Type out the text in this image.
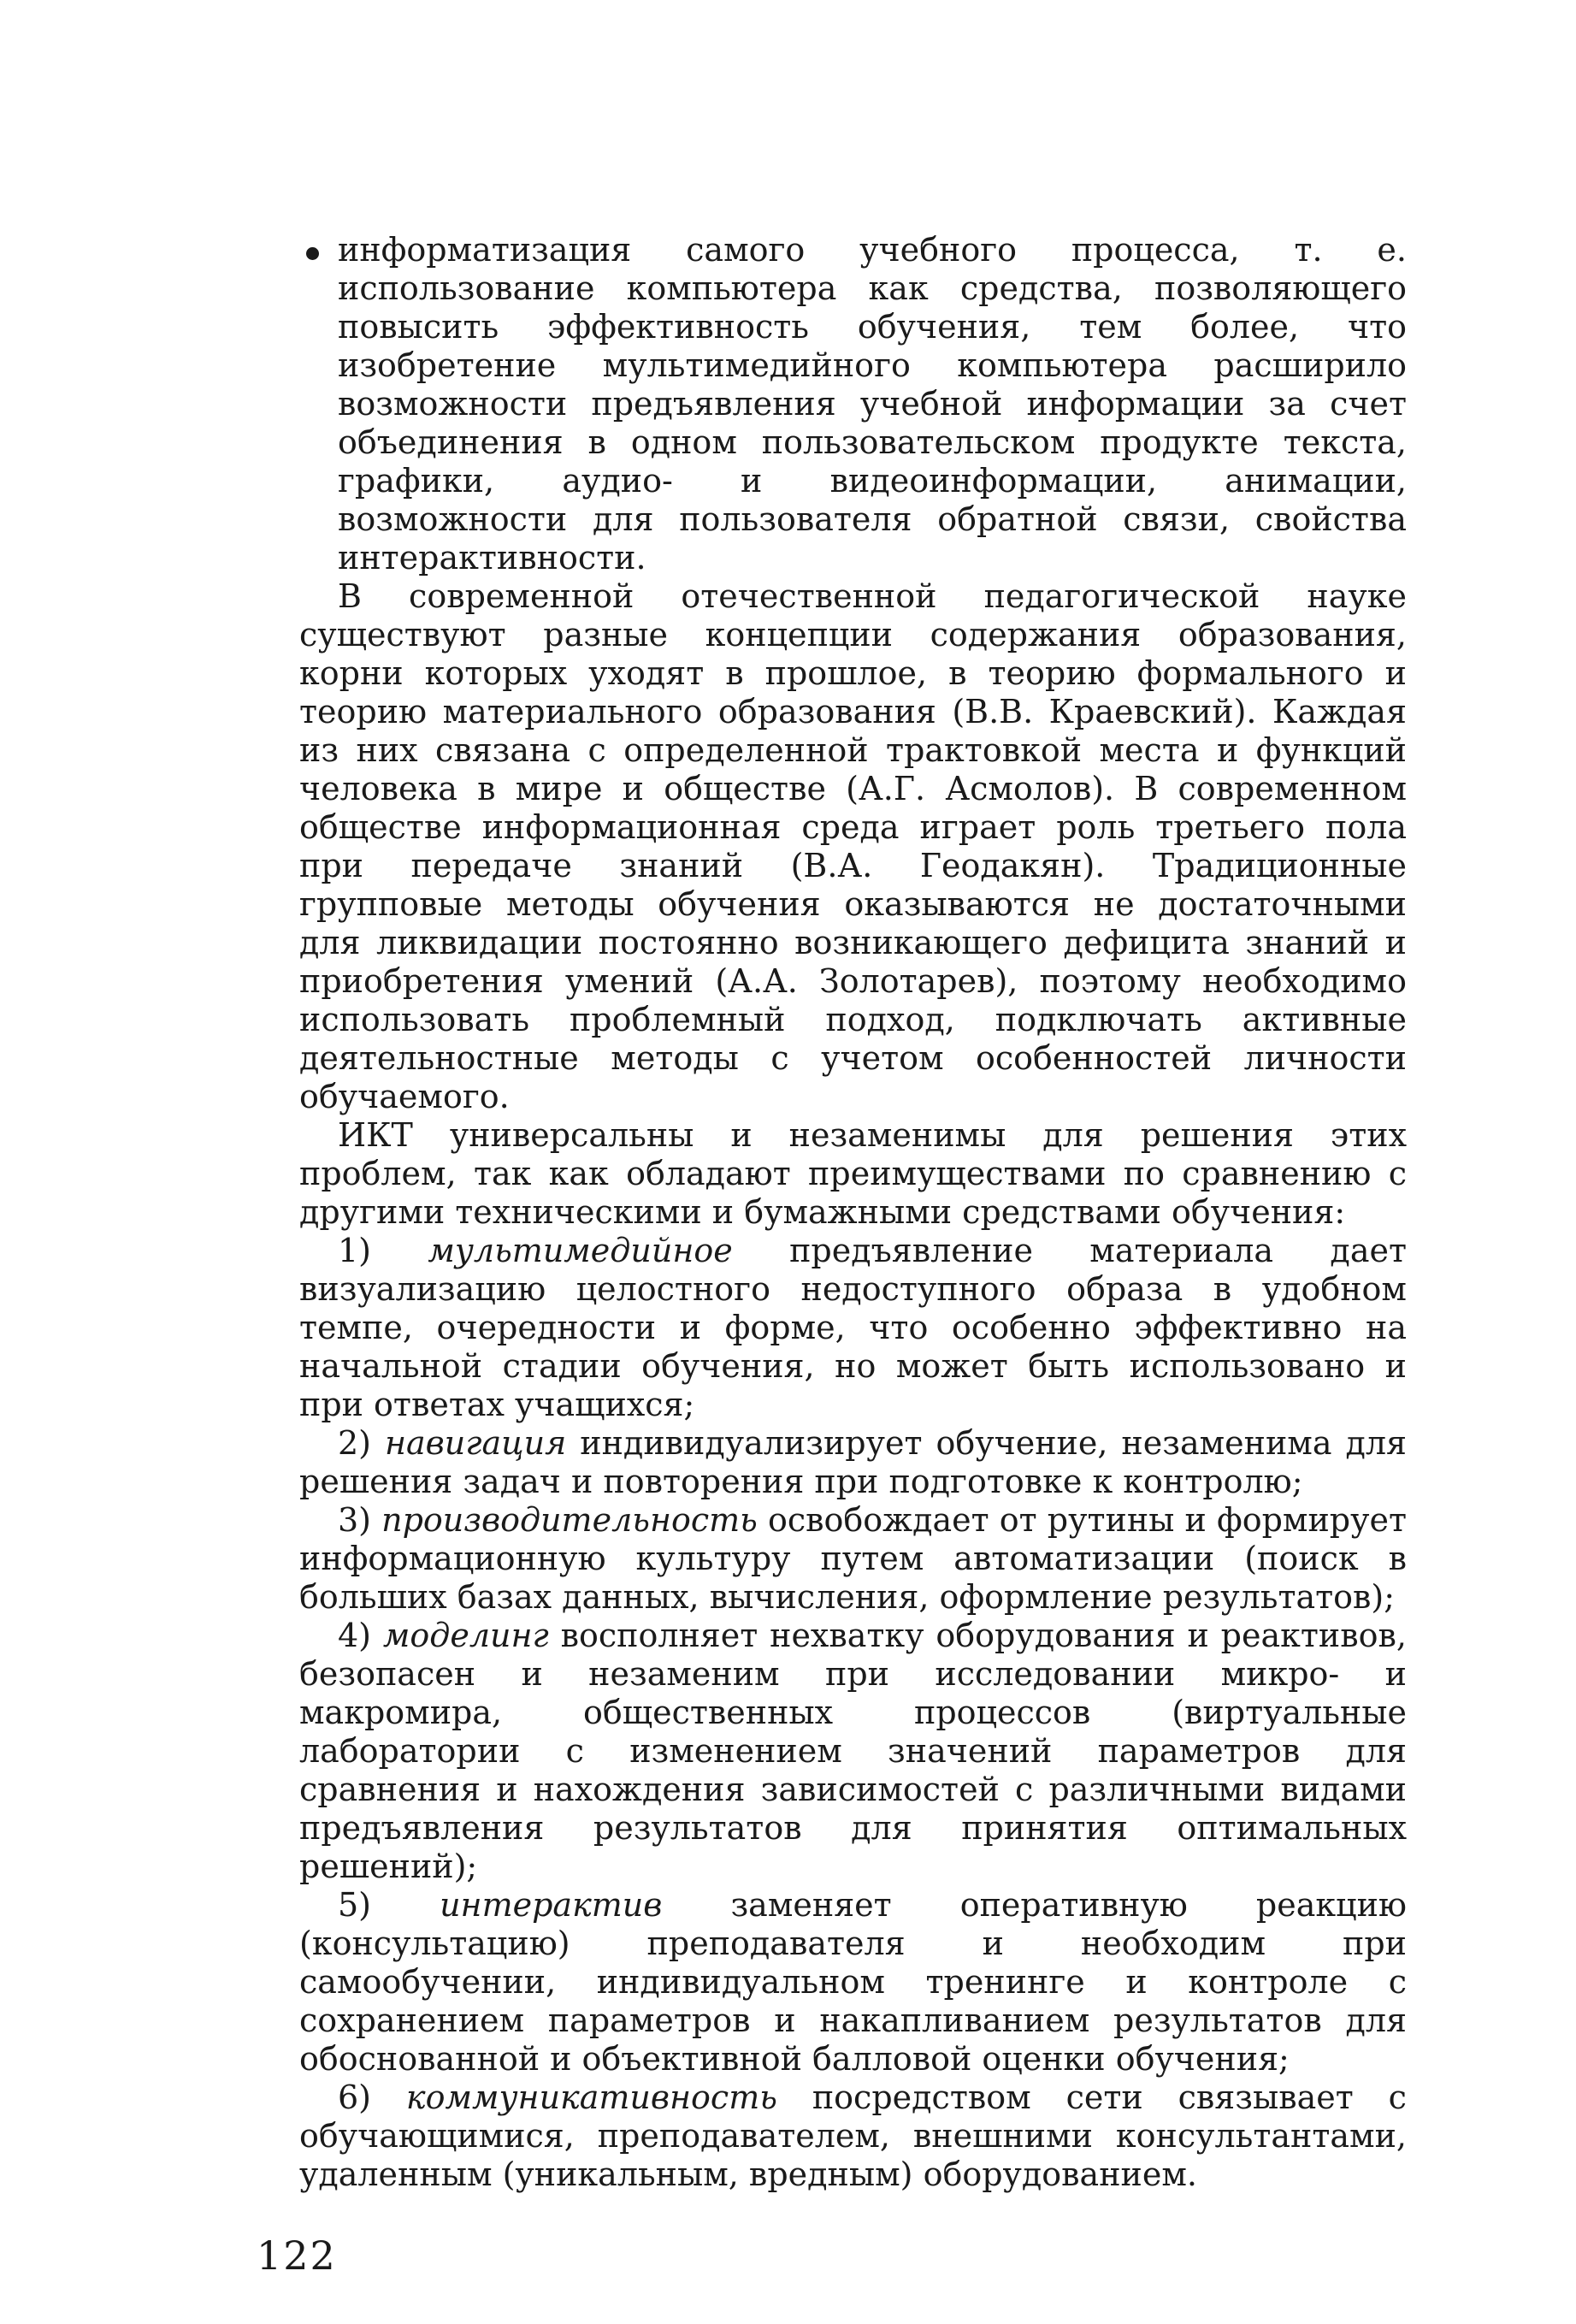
информатизация самого учебного процесса, т. е. использование компьютера как средства, позволяющего повысить эффективность обучения, тем более, что изобретение мультимедийного компьютера расширило возможности предъявления учебной информации за счет объединения в одном пользовательском продукте текста, графики, аудио- и видеоинформации, анимации, возможности для пользователя обратной связи, свойства интерактивности.

В современной отечественной педагогической науке существуют разные концепции содержания образования, корни которых уходят в прошлое, в теорию формального и теорию материального образования (В.В. Краевский). Каждая из них связана с определенной трактовкой места и функций человека в мире и обществе (А.Г. Асмолов). В современном обществе информационная среда играет роль третьего пола при передаче знаний (В.А. Геодакян). Традиционные групповые методы обучения оказываются не достаточными для ликвидации постоянно возникающего дефицита знаний и приобретения умений (А.А. Золотарев), поэтому необходимо использовать проблемный подход, подключать активные деятельностные методы с учетом особенностей личности обучаемого.

ИКТ универсальны и незаменимы для решения этих проблем, так как обладают преимуществами по сравнению с другими техническими и бумажными средствами обучения:

1) мультимедийное предъявление материала дает визуализацию целостного недоступного образа в удобном темпе, очередности и форме, что особенно эффективно на начальной стадии обучения, но может быть использовано и при ответах учащихся;

2) навигация индивидуализирует обучение, незаменима для решения задач и повторения при подготовке к контролю;

3) производительность освобождает от рутины и формирует информационную культуру путем автоматизации (поиск в больших базах данных, вычисления, оформление результатов);

4) моделинг восполняет нехватку оборудования и реактивов, безопасен и незаменим при исследовании микро- и макромира, общественных процессов (виртуальные лаборатории с изменением значений параметров для сравнения и нахождения зависимостей с различными видами предъявления результатов для принятия оптимальных решений);

5) интерактив заменяет оперативную реакцию (консультацию) преподавателя и необходим при самообучении, индивидуальном тренинге и контроле с сохранением параметров и накапливанием результатов для обоснованной и объективной балловой оценки обучения;

6) коммуникативность посредством сети связывает с обучающимися, преподавателем, внешними консультантами, удаленным (уникальным, вредным) оборудованием.

122
